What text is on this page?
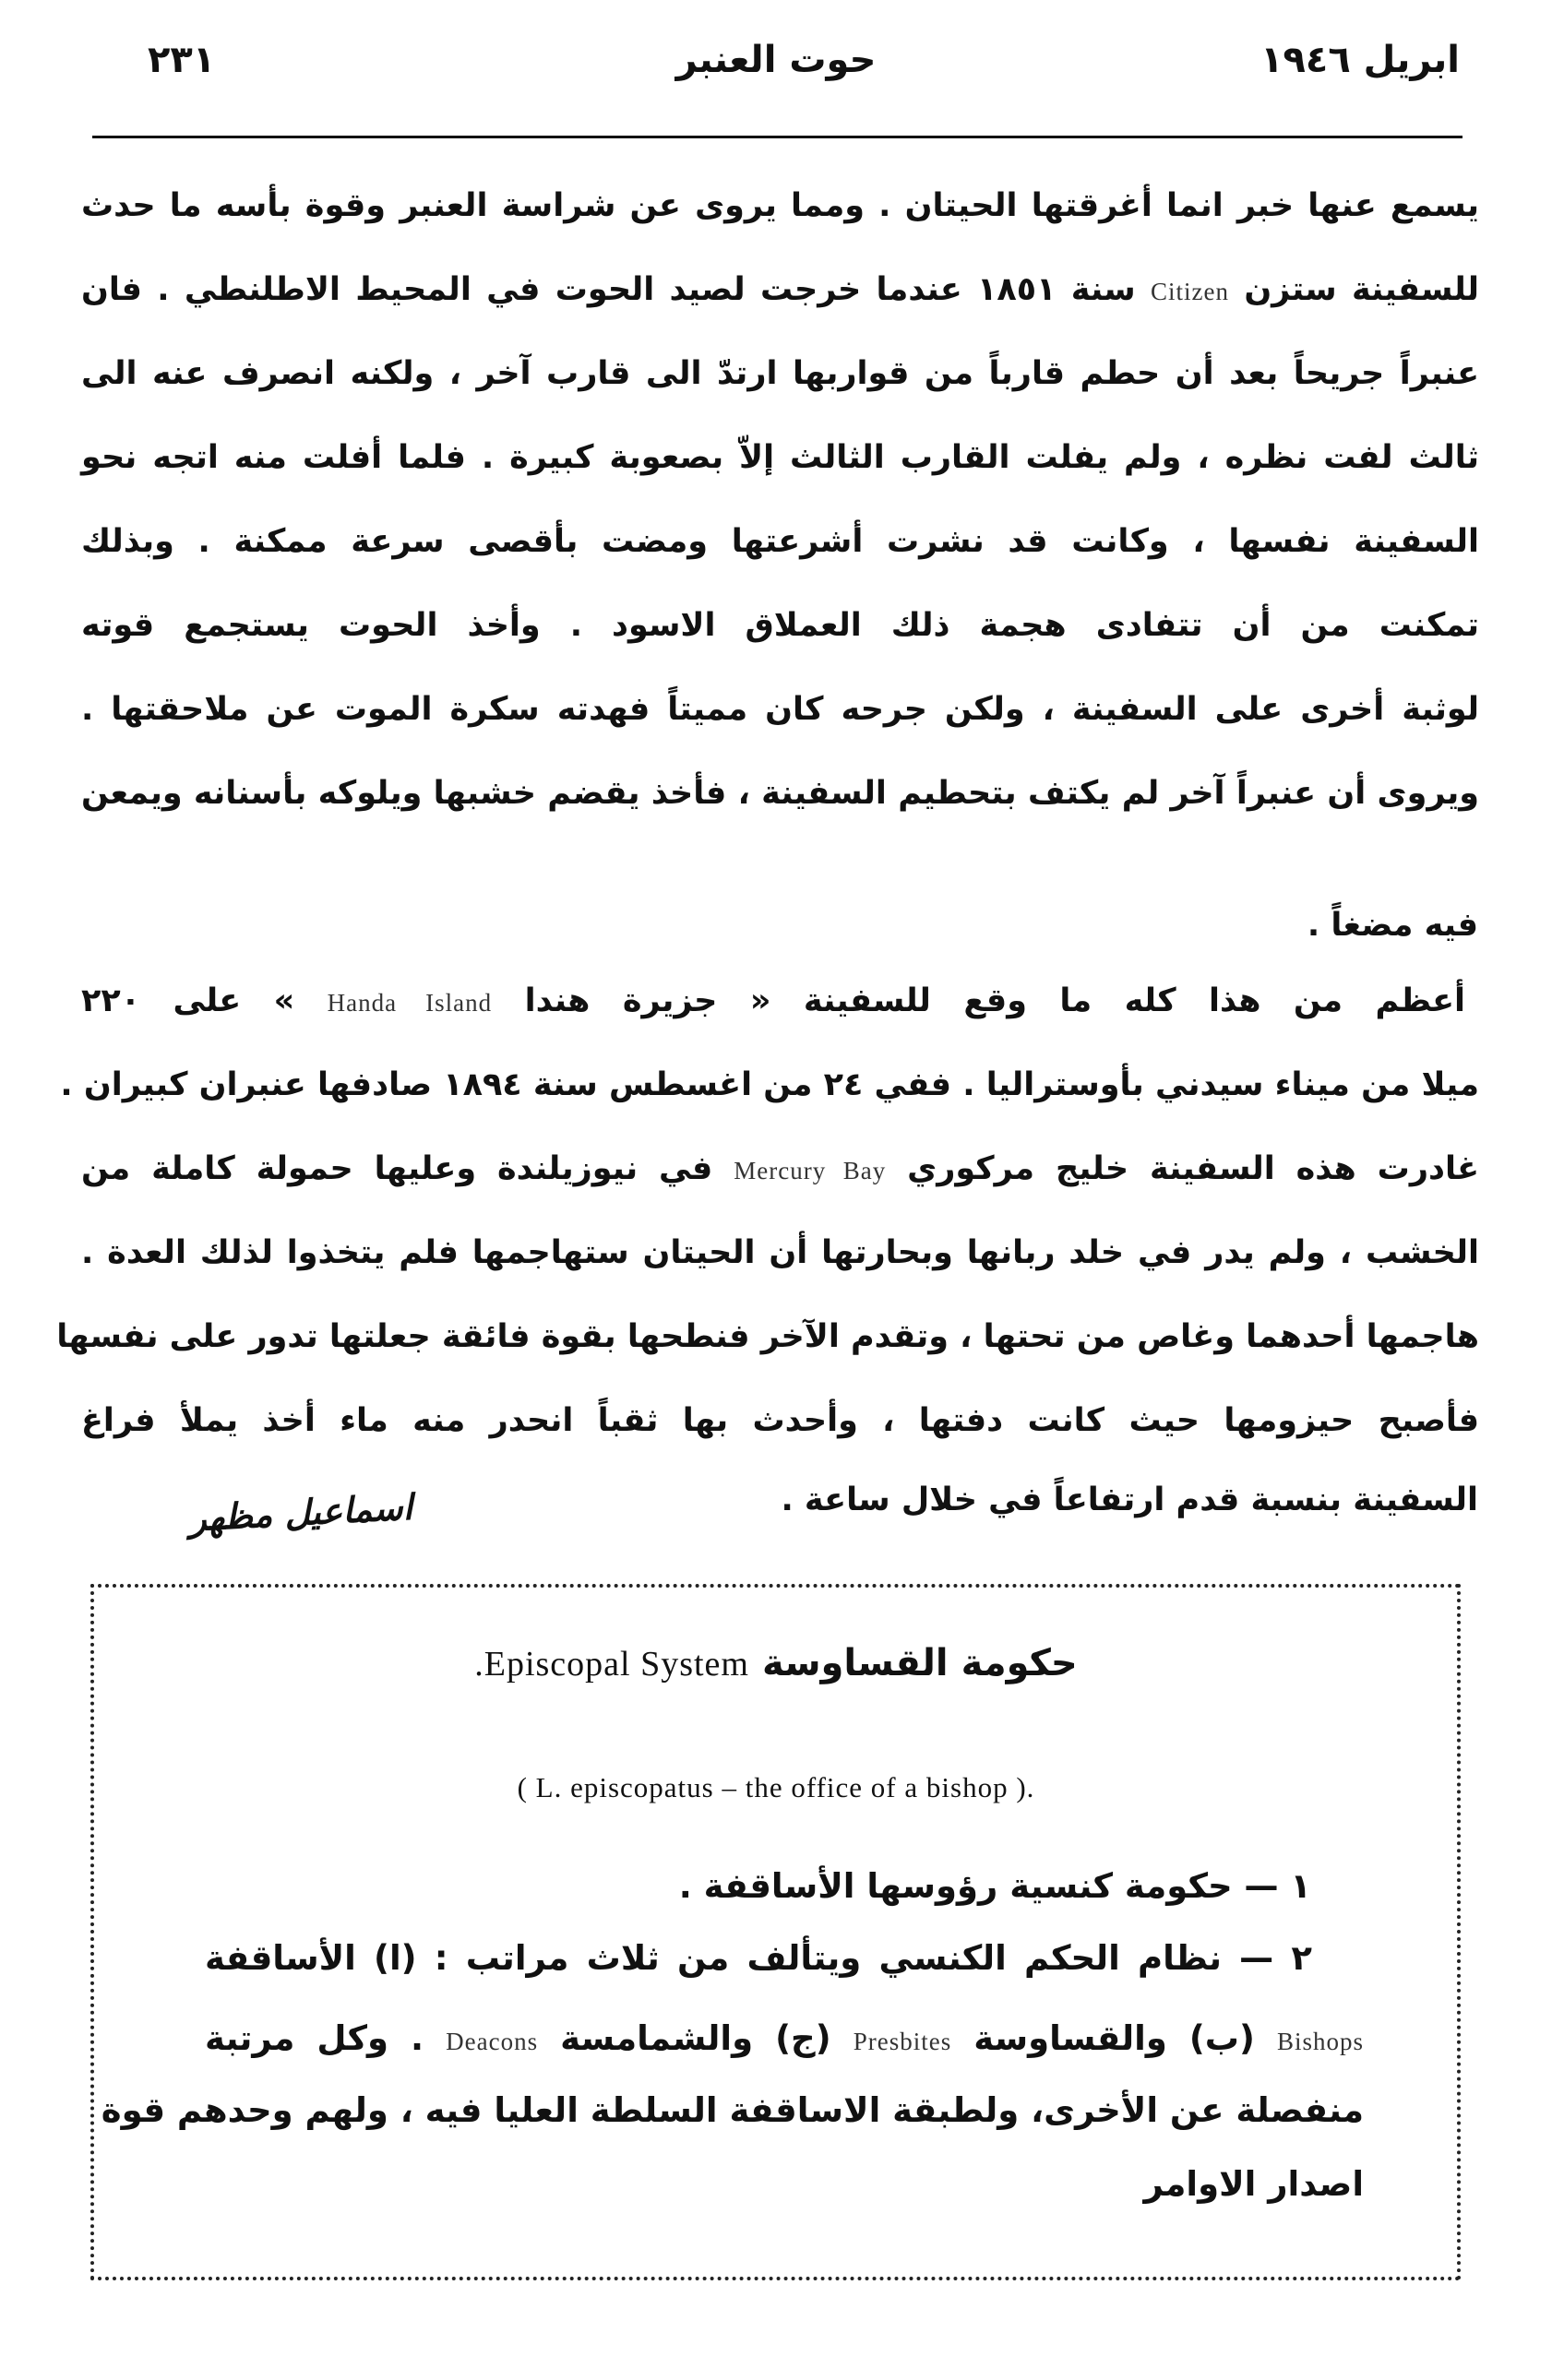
ابريل ١٩٤٦
حوت العنبر
٢٣١
يسمع عنها خبر انما أغرقتها الحيتان . ومما يروى عن شراسة العنبر وقوة بأسه ما حدث
للسفينة ستزن Citizen سنة ١٨٥١ عندما خرجت لصيد الحوت في المحيط الاطلنطي . فان
عنبراً جريحاً بعد أن حطم قارباً من قواربها ارتدّ الى قارب آخر ، ولكنه انصرف عنه الى
ثالث لفت نظره ، ولم يفلت القارب الثالث إلاّ بصعوبة كبيرة . فلما أفلت منه اتجه نحو
السفينة نفسها ، وكانت قد نشرت أشرعتها ومضت بأقصى سرعة ممكنة . وبذلك
تمكنت من أن تتفادى هجمة ذلك العملاق الاسود . وأخذ الحوت يستجمع قوته
لوثبة أخرى على السفينة ، ولكن جرحه كان مميتاً فهدته سكرة الموت عن ملاحقتها .
ويروى أن عنبراً آخر لم يكتف بتحطيم السفينة ، فأخذ يقضم خشبها ويلوكه بأسنانه ويمعن
فيه مضغاً .
أعظم من هذا كله ما وقع للسفينة « جزيرة هندا Handa Island » على ٢٢٠
ميلا من ميناء سيدني بأوستراليا . ففي ٢٤ من اغسطس سنة ١٨٩٤ صادفها عنبران كبيران .
غادرت هذه السفينة خليج مركوري Mercury Bay في نيوزيلندة وعليها حمولة كاملة من
الخشب ، ولم يدر في خلد ربانها وبحارتها أن الحيتان ستهاجمها فلم يتخذوا لذلك العدة .
هاجمها أحدهما وغاص من تحتها ، وتقدم الآخر فنطحها بقوة فائقة جعلتها تدور على نفسها
فأصبح حيزومها حيث كانت دفتها ، وأحدث بها ثقباً انحدر منه ماء أخذ يملأ فراغ
السفينة بنسبة قدم ارتفاعاً في خلال ساعة .
اسماعيل مظهر
حكومة القساوسة Episcopal System.
( L. episcopatus – the office of a bishop ).
١ — حكومة كنسية رؤوسها الأساقفة .
٢ — نظام الحكم الكنسي ويتألف من ثلاث مراتب : (ا) الأساقفة
Bishops (ب) والقساوسة Presbites (ج) والشمامسة Deacons . وكل مرتبة
منفصلة عن الأخرى، ولطبقة الاساقفة السلطة العليا فيه ، ولهم وحدهم قوة
اصدار الاوامر
